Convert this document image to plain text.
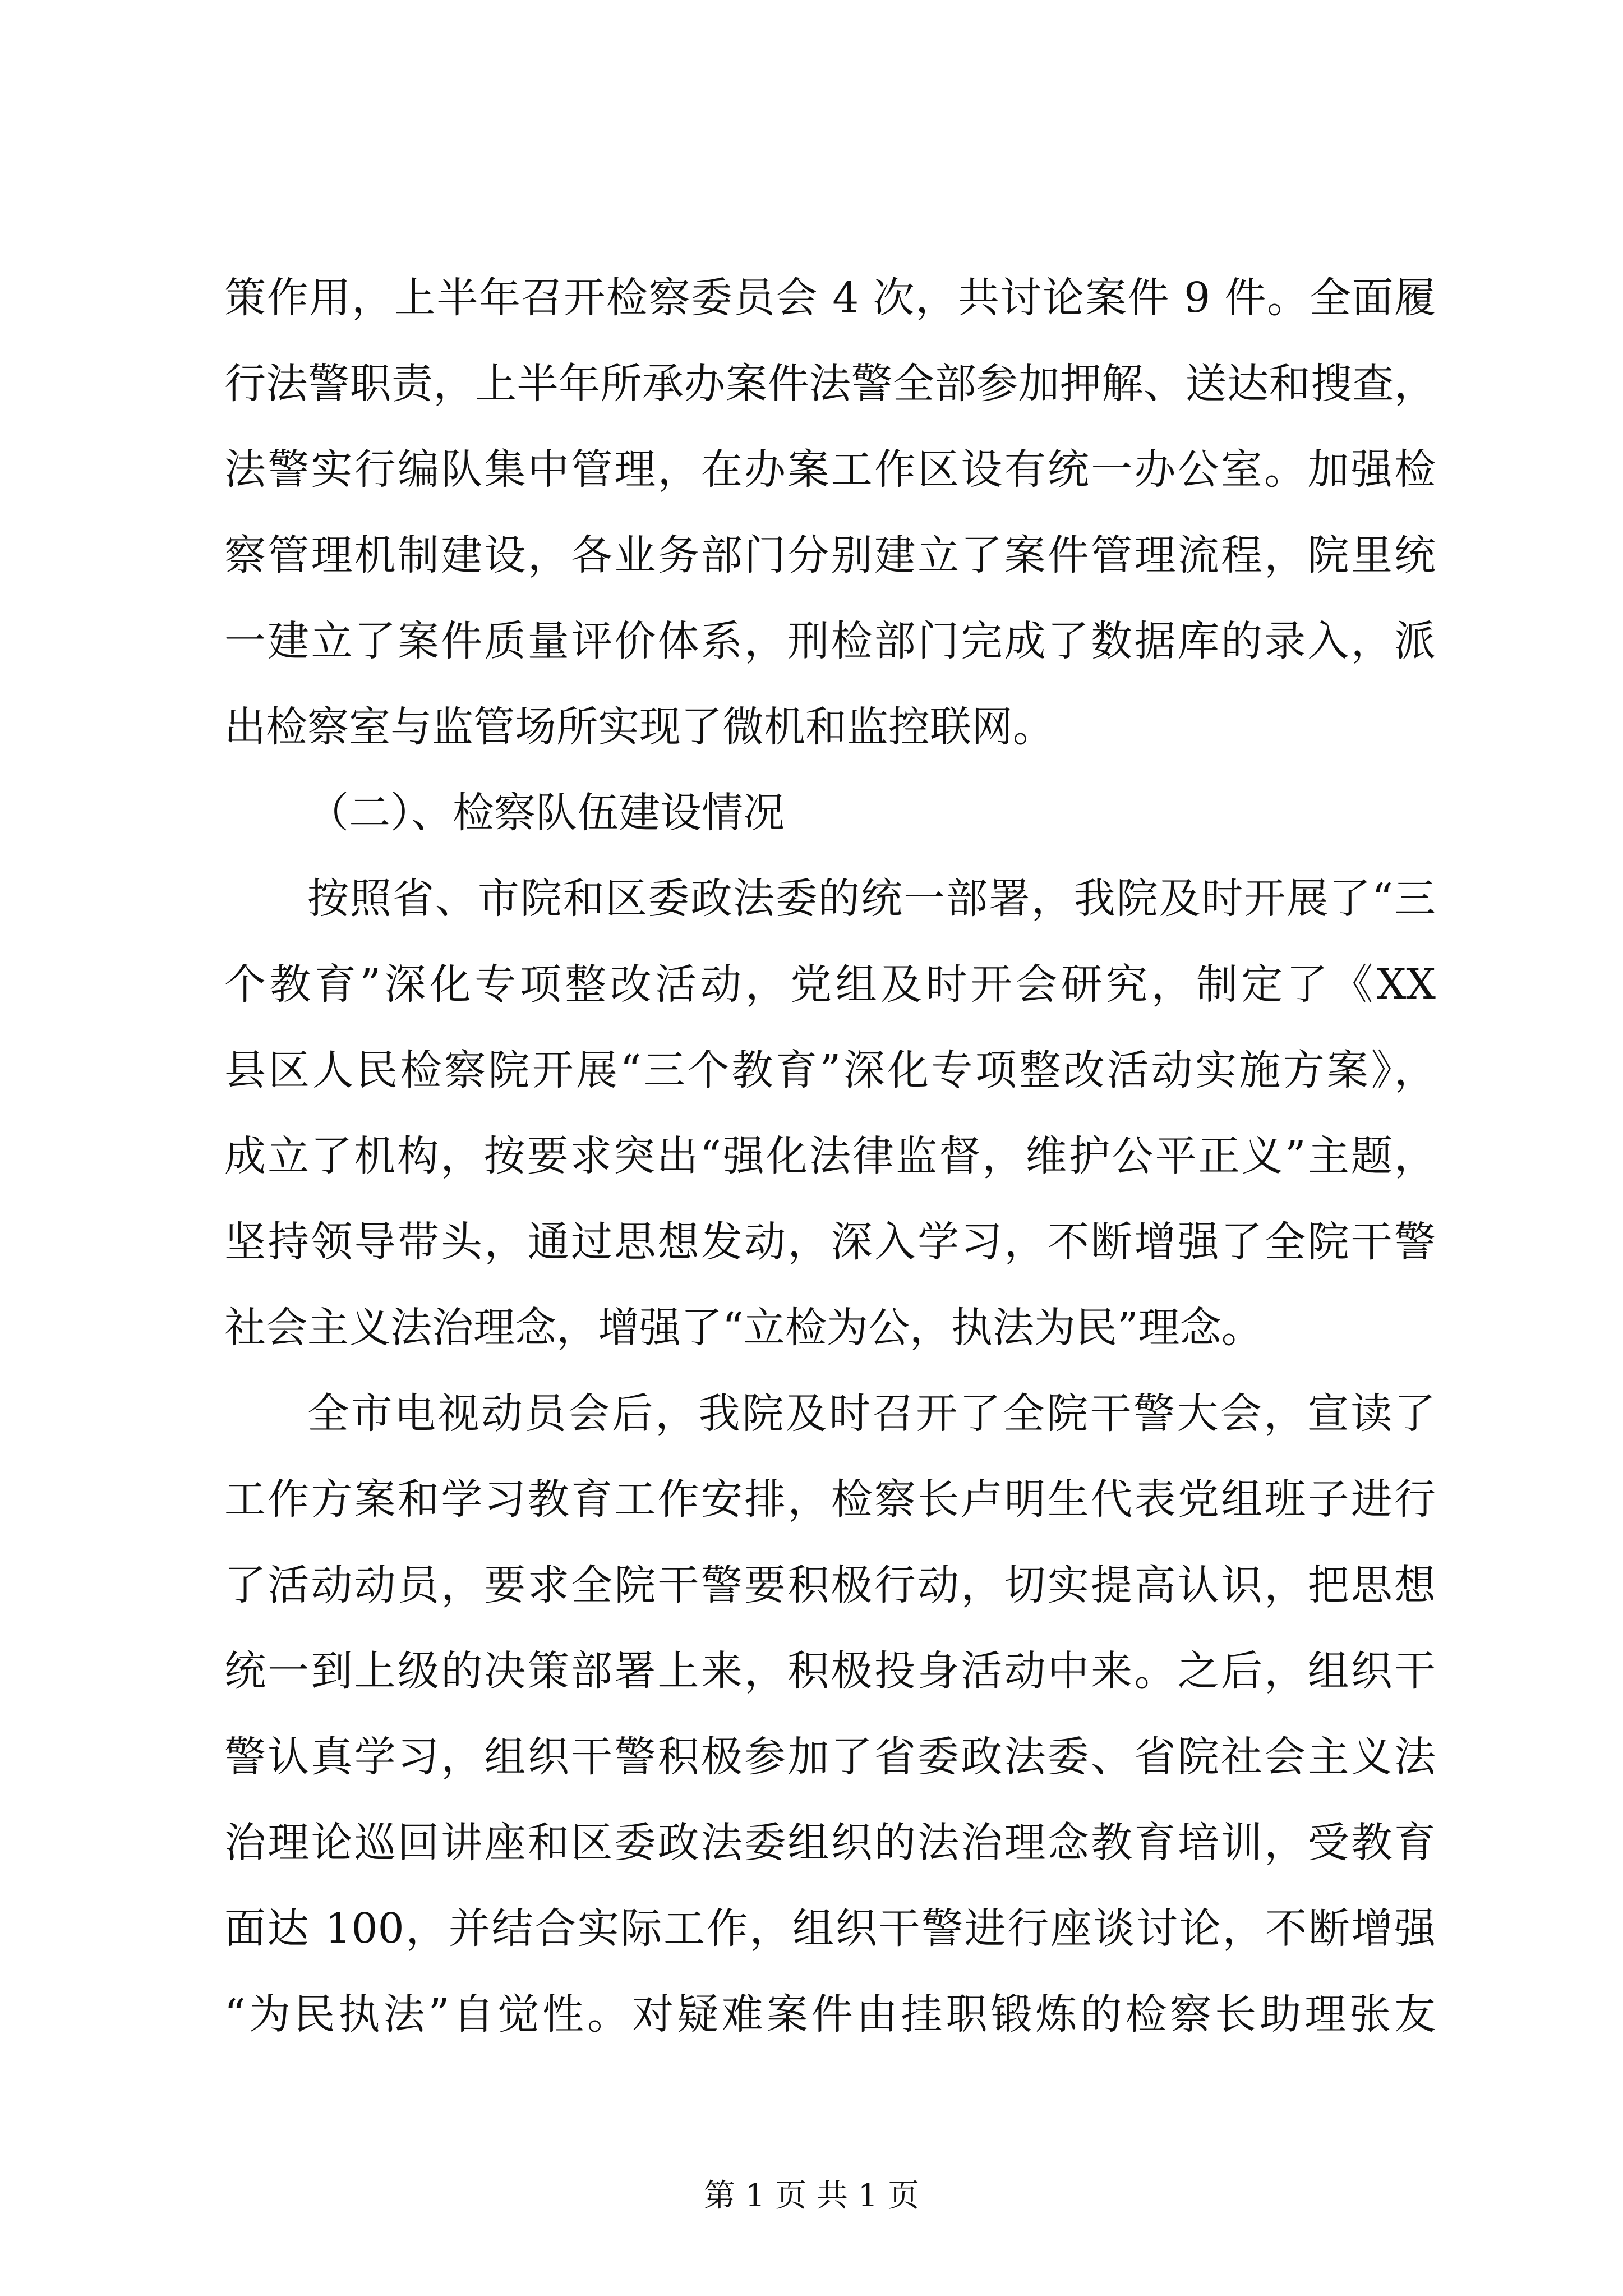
策作用，上半年召开检察委员会 4 次，共讨论案件 9 件。全面履
行法警职责，上半年所承办案件法警全部参加押解、送达和搜查，
法警实行编队集中管理，在办案工作区设有统一办公室。加强检
察管理机制建设，各业务部门分别建立了案件管理流程，院里统
一建立了案件质量评价体系，刑检部门完成了数据库的录入，派
出检察室与监管场所实现了微机和监控联网。
（二）、检察队伍建设情况
按照省、市院和区委政法委的统一部署，我院及时开展了“三
个教育”深化专项整改活动，党组及时开会研究，制定了《XX
县区人民检察院开展“三个教育”深化专项整改活动实施方案》，
成立了机构，按要求突出“强化法律监督，维护公平正义”主题，
坚持领导带头，通过思想发动，深入学习，不断增强了全院干警
社会主义法治理念，增强了“立检为公，执法为民”理念。
全市电视动员会后，我院及时召开了全院干警大会，宣读了
工作方案和学习教育工作安排，检察长卢明生代表党组班子进行
了活动动员，要求全院干警要积极行动，切实提高认识，把思想
统一到上级的决策部署上来，积极投身活动中来。之后，组织干
警认真学习，组织干警积极参加了省委政法委、省院社会主义法
治理论巡回讲座和区委政法委组织的法治理念教育培训，受教育
面达 100，并结合实际工作，组织干警进行座谈讨论，不断增强
“为民执法”自觉性。对疑难案件由挂职锻炼的检察长助理张友
第 1 页 共 1 页
